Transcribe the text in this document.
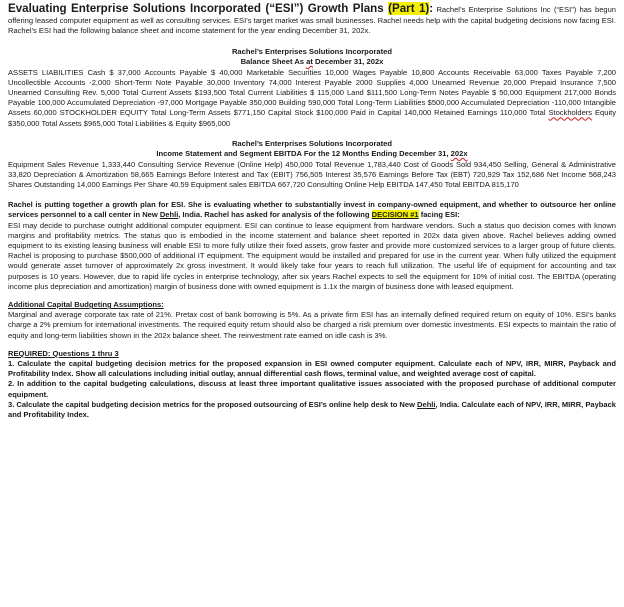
Evaluating Enterprise Solutions Incorporated (“ESI”) Growth Plans (Part 1): Rachel’s Enterprise Solutions Inc (“ESI”) has begun offering leased computer equipment as well as consulting services. ESI’s target market was small businesses. Rachel needs help with the capital budgeting decisions now facing ESI. Rachel’s ESI had the following balance sheet and income statement for the year ending December 31, 202x.

Rachel’s Enterprises Solutions Incorporated

Balance Sheet As at December 31, 202x

ASSETS LIABILITIES Cash $ 37,000 Accounts Payable $ 40,000 Marketable Securities 10,000 Wages Payable 10,800 Accounts Receivable 63,000 Taxes Payable 7,200 Uncollectible Accounts -2,000 Short-Term Note Payable 30,000 Inventory 74,000 Interest Payable 2000 Supplies 4,000 Unearned Revenue 20,000 Prepaid Insurance 7,500 Unearned Consulting Rev. 5,000 Total Current Assets $193,500 Total Current Liabilities $ 115,000 Land $111,500 Long-Term Notes Payable $ 50,000 Equipment 217,000 Bonds Payable 100,000 Accumulated Depreciation -97,000 Mortgage Payable 350,000 Building 590,000 Total Long-Term Liabilities $500,000 Accumulated Depreciation -110,000 Intangible Assets 60,000 STOCKHOLDER EQUITY Total Long-Term Assets $771,150 Capital Stock $100,000 Paid in Capital 140,000 Retained Earnings 110,000 Total Stockholders Equity $350,000 Total Assets $965,000 Total Liabilities & Equity $965,000

Rachel’s Enterprises Solutions Incorporated

Income Statement and Segment EBITDA For the 12 Months Ending December 31, 202x

Equipment Sales Revenue 1,333,440 Consulting Service Revenue (Online Help) 450,000 Total Revenue 1,783,440 Cost of Goods Sold 934,450 Selling, General & Administrative 33,820 Depreciation & Amortization 58,665 Earnings Before Interest and Tax (EBIT) 756,505 Interest 35,576 Earnings Before Tax (EBT) 720,929 Tax 152,686 Net Income 568,243 Shares Outstanding 14,000 Earnings Per Share 40.59 Equipment sales EBITDA 667,720 Consulting Online Help EBITDA 147,450 Total EBITDA 815,170

Rachel is putting together a growth plan for ESI. She is evaluating whether to substantially invest in company-owned equipment, and whether to outsource her online services personnel to a call center in New Dehli, India. Rachel has asked for analysis of the following DECISION #1 facing ESI:

ESI may decide to purchase outright additional computer equipment. ESI can continue to lease equipment from hardware vendors. Such a status quo decision comes with known margins and profitability metrics. The status quo is embodied in the income statement and balance sheet reported in 202x data given above. Rachel believes adding owned equipment to its existing leasing business will enable ESI to more fully utilize their fixed assets, grow faster and provide more customized services to a larger group of future clients. Rachel is proposing to purchase $500,000 of additional IT equipment. The equipment would be installed and prepared for use in the current year. When fully utilized the equipment would generate asset turnover of approximately 2x gross investment. It would likely take four years to reach full utilization. The useful life of equipment for accounting and tax purposes is 10 years. However, due to rapid life cycles in enterprise technology, after six years Rachel expects to sell the equipment for 10% of initial cost. The EBITDA (operating income plus depreciation and amortization) margin of business done with owned equipment is 1.1x the margin of business done with leased equipment.

Additional Capital Budgeting Assumptions:

Marginal and average corporate tax rate of 21%. Pretax cost of bank borrowing is 5%. As a private firm ESI has an internally defined required return on equity of 10%. ESI’s banks charge a 2% premium for international investments. The required equity return should also be charged a risk premium over domestic investments. ESI expects to maintain the ratio of equity and long-term liabilities shown in the 202x balance sheet. The reinvestment rate earned on idle cash is 3%.

REQUIRED: Questions 1 thru 3

1. Calculate the capital budgeting decision metrics for the proposed expansion in ESI owned computer equipment. Calculate each of NPV, IRR, MIRR, Payback and Profitability Index. Show all calculations including initial outlay, annual differential cash flows, terminal value, and weighted average cost of capital.

2. In addition to the capital budgeting calculations, discuss at least three important qualitative issues associated with the proposed purchase of additional computer equipment.

3. Calculate the capital budgeting decision metrics for the proposed outsourcing of ESI’s online help desk to New Dehli, India. Calculate each of NPV, IRR, MIRR, Payback and Profitability Index.
